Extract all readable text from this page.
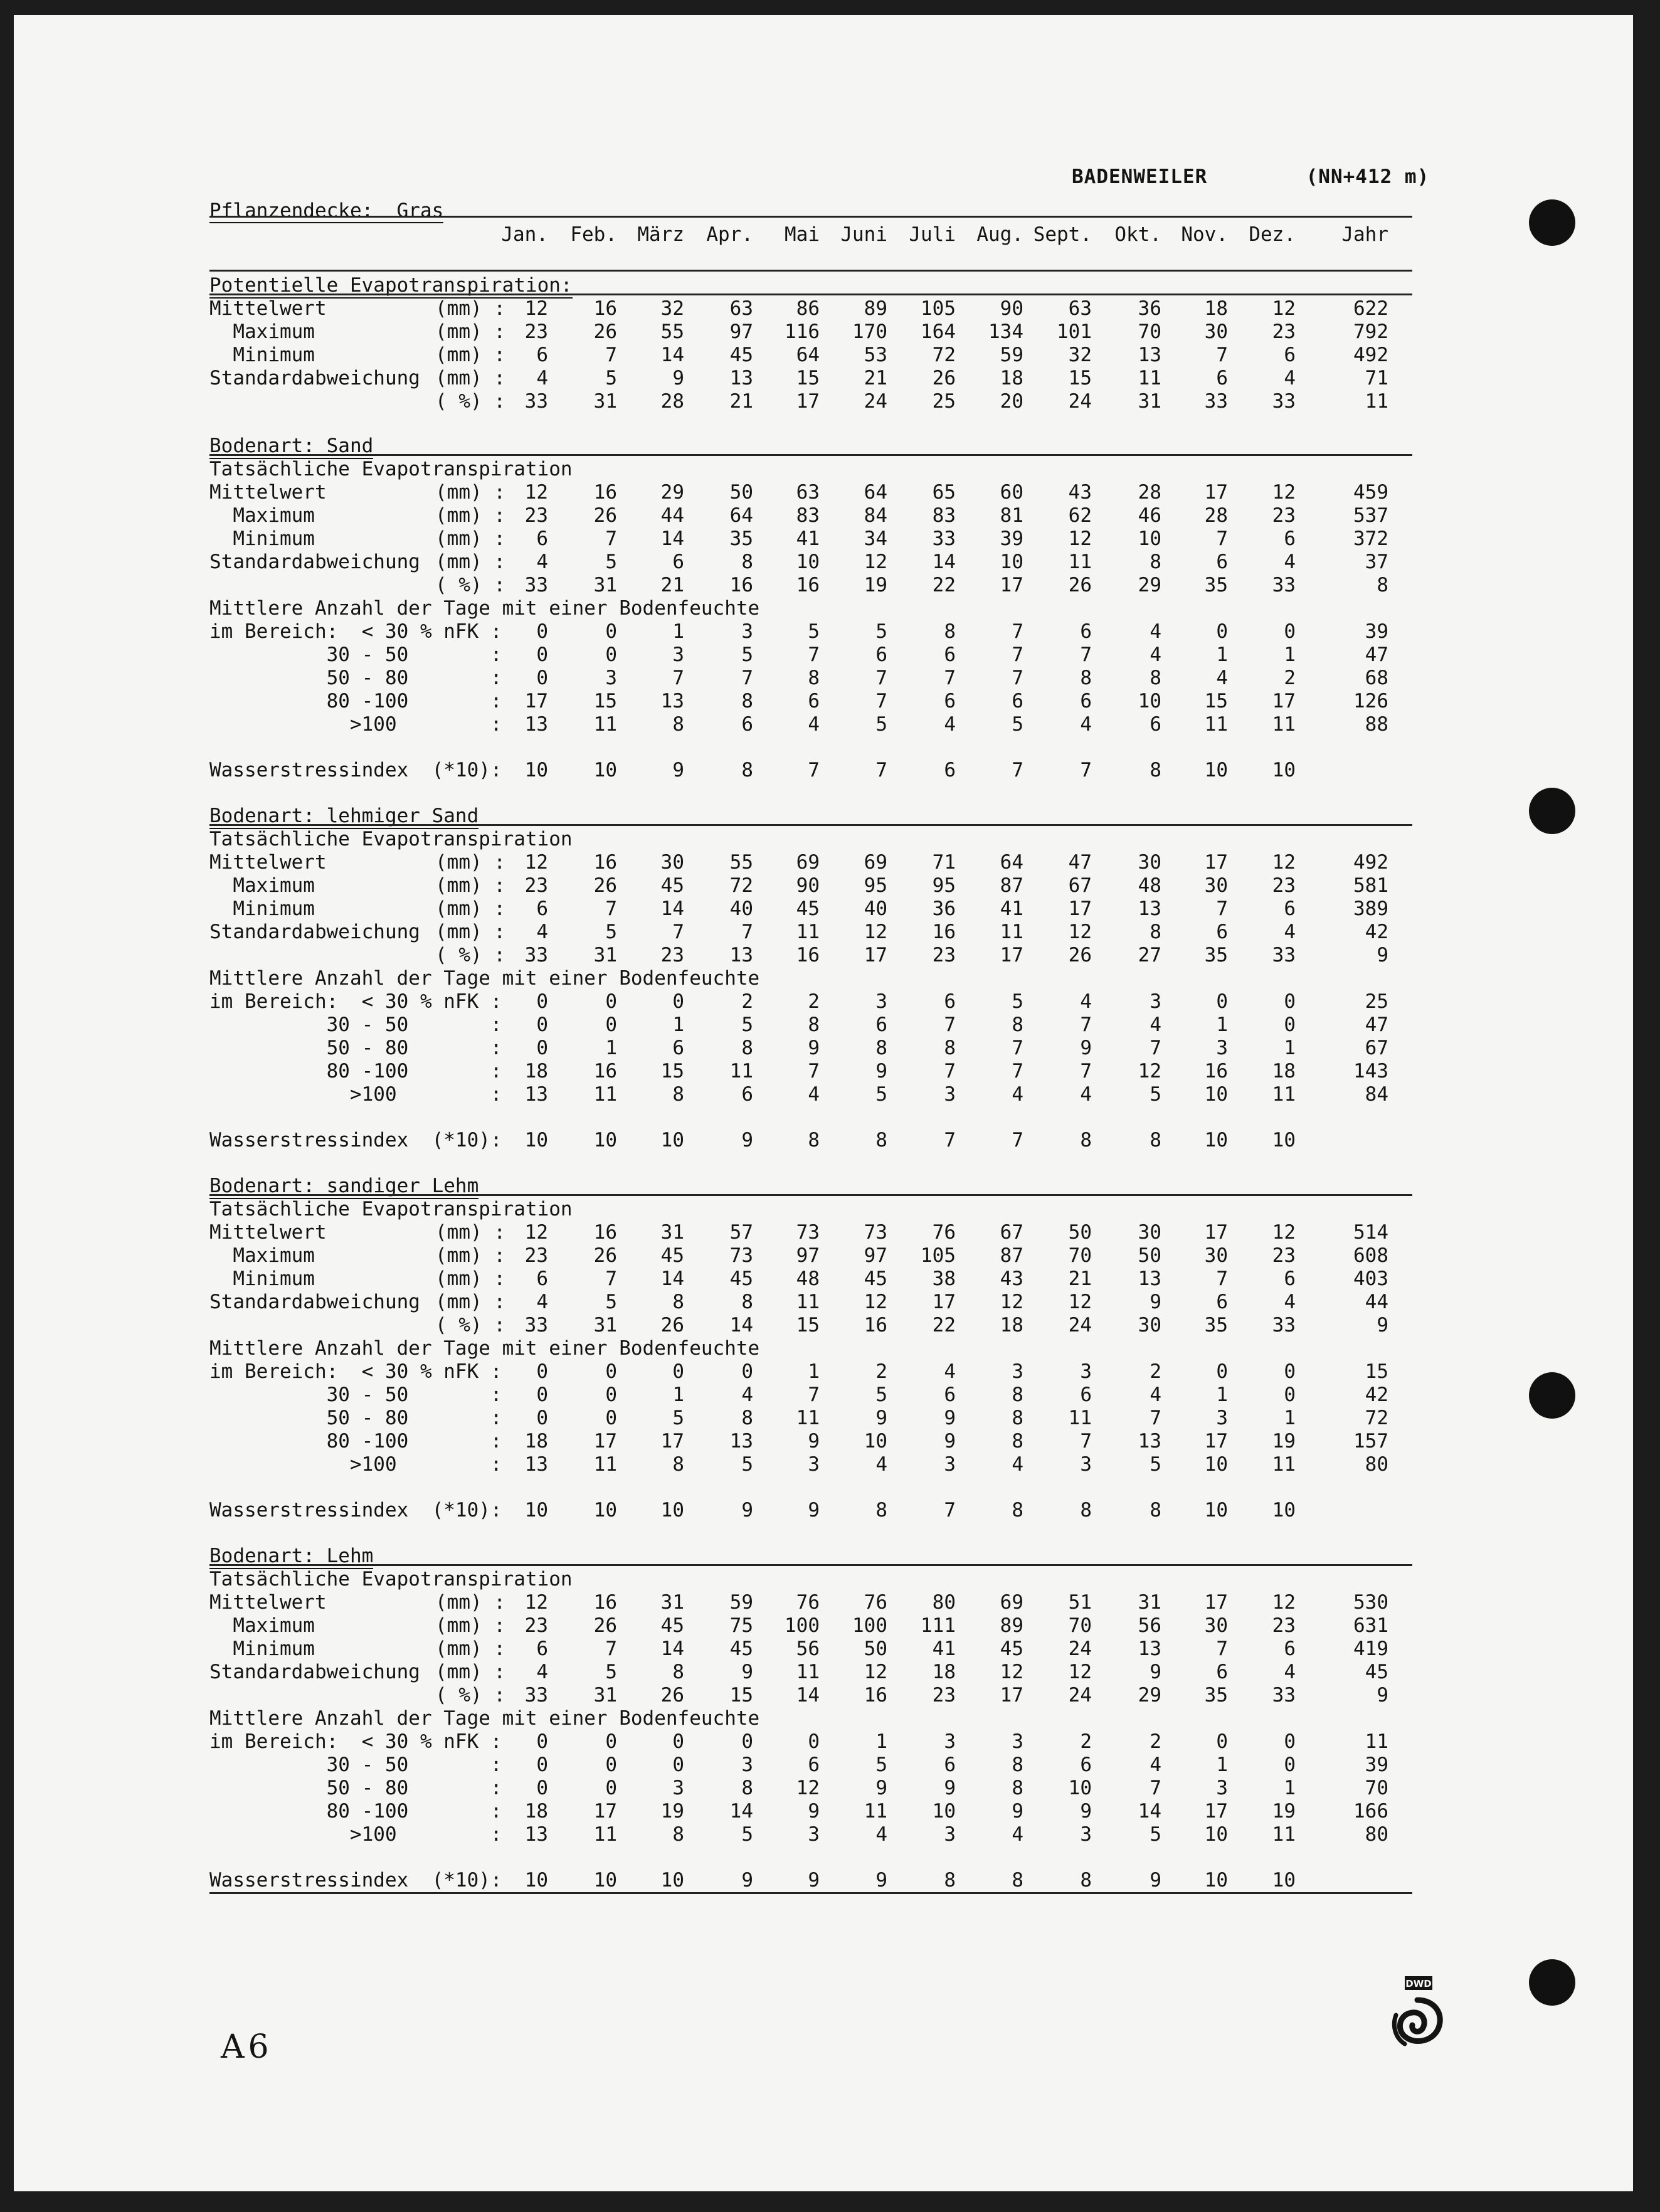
BADENWEILER	(NN+412 m)
Pflanzendecke: Gras
Jan. Feb. März Apr. Mai Juni Juli Aug. Sept. Okt. Nov. Dez. Jahr
Potentielle Evapotranspiration:
Mittelwert	(mm) : 12 16 32 63 86 89 105 90 63 36 18 12	622
Maximum	(mm) : 23 26 55 97 116 170 164 134 101 70 30 23	792
Minimum	(mm) : 6	7 14 45 64 53 72 59 32 13	7	6	492
Standardabweichung (mm) : 4	5	9 13 15 21 26 18 15 11	6	4	71
( %) : 33 31 28 21 17 24 25 20 24 31 33 33	11
Bodenart: Sand
Tatsächliche Evapotranspiration
Mittelwert	(mm) : 12 16 29 50 63 64 65 60 43 28 17 12	459
Maximum	(mm) : 23 26 44 64 83 84 83 81 62 46 28 23	537
Minimum	(mm) : 6	7 14 35 41 34 33 39 12 10	7	6	372
Standardabweichung (mm) : 4	5	6	8 10 12 14 10 11	8	6	4	37
( %) : 33 31 21 16 16 19 22 17 26 29 35 33	8
Mittlere Anzahl der Tage mit einer Bodenfeuchte
im Bereich:  < 30 % nFK : 0	0	1	3	5	5	8	7	6	4	0	0	39
30 - 50       : 0	0	3	5	7	6	6	7	7	4	1	1	47
50 - 80       : 0	3	7	7	8	7	7	7	8	8	4	2	68
80 -100       : 17 15 13	8	6	7	6	6	6 10 15 17	126
>100        : 13 11	8	6	4	5	4	5	4	6 11 11	88
Wasserstressindex  (*10): 10 10	9	8	7	7	6	7	7	8 10 10
Bodenart: lehmiger Sand
Tatsächliche Evapotranspiration
Mittelwert	(mm) : 12 16 30 55 69 69 71 64 47 30 17 12	492
Maximum	(mm) : 23 26 45 72 90 95 95 87 67 48 30 23	581
Minimum	(mm) : 6	7 14 40 45 40 36 41 17 13	7	6	389
Standardabweichung (mm) : 4	5	7	7 11 12 16 11 12	8	6	4	42
( %) : 33 31 23 13 16 17 23 17 26 27 35 33	9
Mittlere Anzahl der Tage mit einer Bodenfeuchte
im Bereich:  < 30 % nFK : 0	0	0	2	2	3	6	5	4	3	0	0	25
30 - 50       : 0	0	1	5	8	6	7	8	7	4	1	0	47
50 - 80       : 0	1	6	8	9	8	8	7	9	7	3	1	67
80 -100       : 18 16 15 11	7	9	7	7	7 12 16 18	143
>100        : 13 11	8	6	4	5	3	4	4	5 10 11	84
Wasserstressindex  (*10): 10 10 10	9	8	8	7	7	8	8 10 10
Bodenart: sandiger Lehm
Tatsächliche Evapotranspiration
Mittelwert	(mm) : 12 16 31 57 73 73 76 67 50 30 17 12	514
Maximum	(mm) : 23 26 45 73 97 97 105 87 70 50 30 23	608
Minimum	(mm) : 6	7 14 45 48 45 38 43 21 13	7	6	403
Standardabweichung (mm) : 4	5	8	8 11 12 17 12 12	9	6	4	44
( %) : 33 31 26 14 15 16 22 18 24 30 35 33	9
Mittlere Anzahl der Tage mit einer Bodenfeuchte
im Bereich:  < 30 % nFK : 0	0	0	0	1	2	4	3	3	2	0	0	15
30 - 50       : 0	0	1	4	7	5	6	8	6	4	1	0	42
50 - 80       : 0	0	5	8 11	9	9	8 11	7	3	1	72
80 -100       : 18 17 17 13	9 10	9	8	7 13 17 19	157
>100        : 13 11	8	5	3	4	3	4	3	5 10 11	80
Wasserstressindex  (*10): 10 10 10	9	9	8	7	8	8	8 10 10
Bodenart: Lehm
Tatsächliche Evapotranspiration
Mittelwert	(mm) : 12 16 31 59 76 76 80 69 51 31 17 12	530
Maximum	(mm) : 23 26 45 75 100 100 111 89 70 56 30 23	631
Minimum	(mm) : 6	7 14 45 56 50 41 45 24 13	7	6	419
Standardabweichung (mm) : 4	5	8	9 11 12 18 12 12	9	6	4	45
( %) : 33 31 26 15 14 16 23 17 24 29 35 33	9
Mittlere Anzahl der Tage mit einer Bodenfeuchte
im Bereich:  < 30 % nFK : 0	0	0	0	0	1	3	3	2	2	0	0	11
30 - 50       : 0	0	0	3	6	5	6	8	6	4	1	0	39
50 - 80       : 0	0	3	8 12	9	9	8 10	7	3	1	70
80 -100       : 18 17 19 14	9 11 10	9	9 14 17 19	166
>100        : 13 11	8	5	3	4	3	4	3	5 10 11	80
Wasserstressindex  (*10): 10 10 10	9	9	9	8	8	8	9 10 10
A6
DWD
